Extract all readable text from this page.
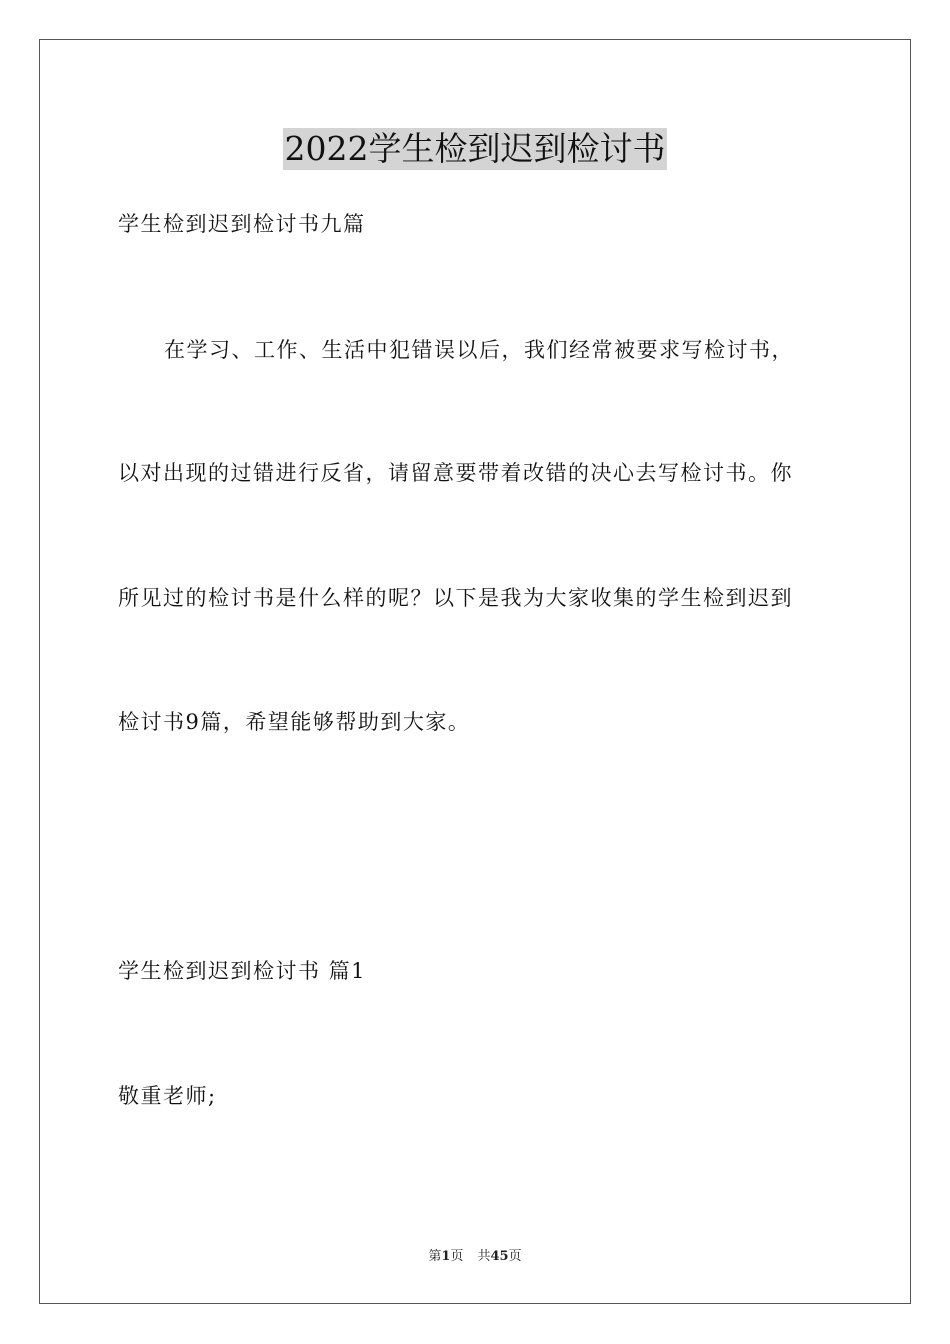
2022学生检到迟到检讨书
学生检到迟到检讨书九篇
在学习、工作、生活中犯错误以后，我们经常被要求写检讨书，
以对出现的过错进行反省，请留意要带着改错的决心去写检讨书。你
所见过的检讨书是什么样的呢？以下是我为大家收集的学生检到迟到
检讨书9篇，希望能够帮助到大家。
学生检到迟到检讨书 篇1
敬重老师;
第1页 共45页
